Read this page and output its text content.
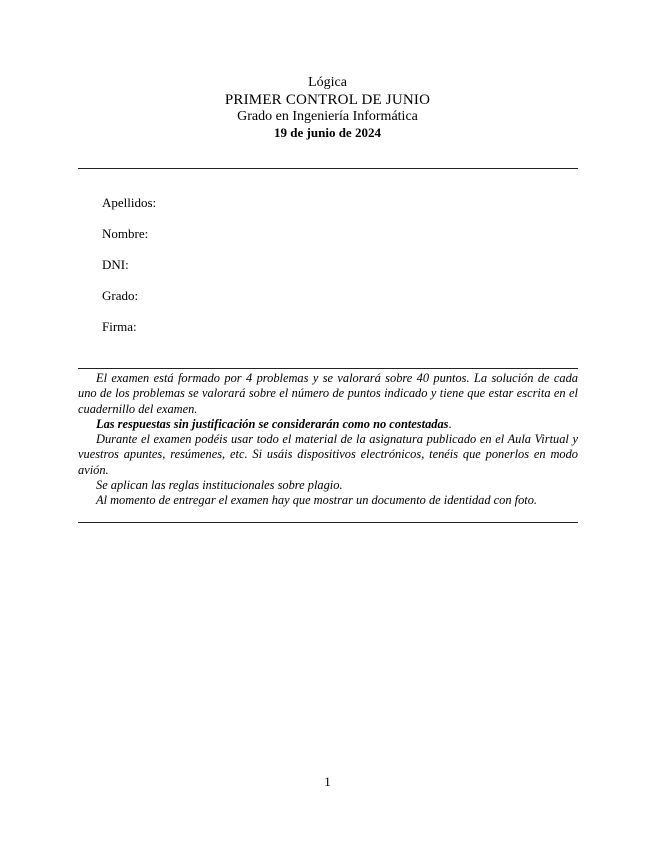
Lógica
PRIMER CONTROL DE JUNIO
Grado en Ingeniería Informática
19 de junio de 2024
Apellidos:
Nombre:
DNI:
Grado:
Firma:

El examen está formado por 4 problemas y se valorará sobre 40 puntos. La solución de cada uno de los problemas se valorará sobre el número de puntos indicado y tiene que estar escrita en el cuadernillo del examen.

Las respuestas sin justificación se considerarán como no contestadas.

Durante el examen podéis usar todo el material de la asignatura publicado en el Aula Virtual y vuestros apuntes, resúmenes, etc. Si usáis dispositivos electrónicos, tenéis que ponerlos en modo avión.

Se aplican las reglas institucionales sobre plagio.

Al momento de entregar el examen hay que mostrar un documento de identidad con foto.

1
